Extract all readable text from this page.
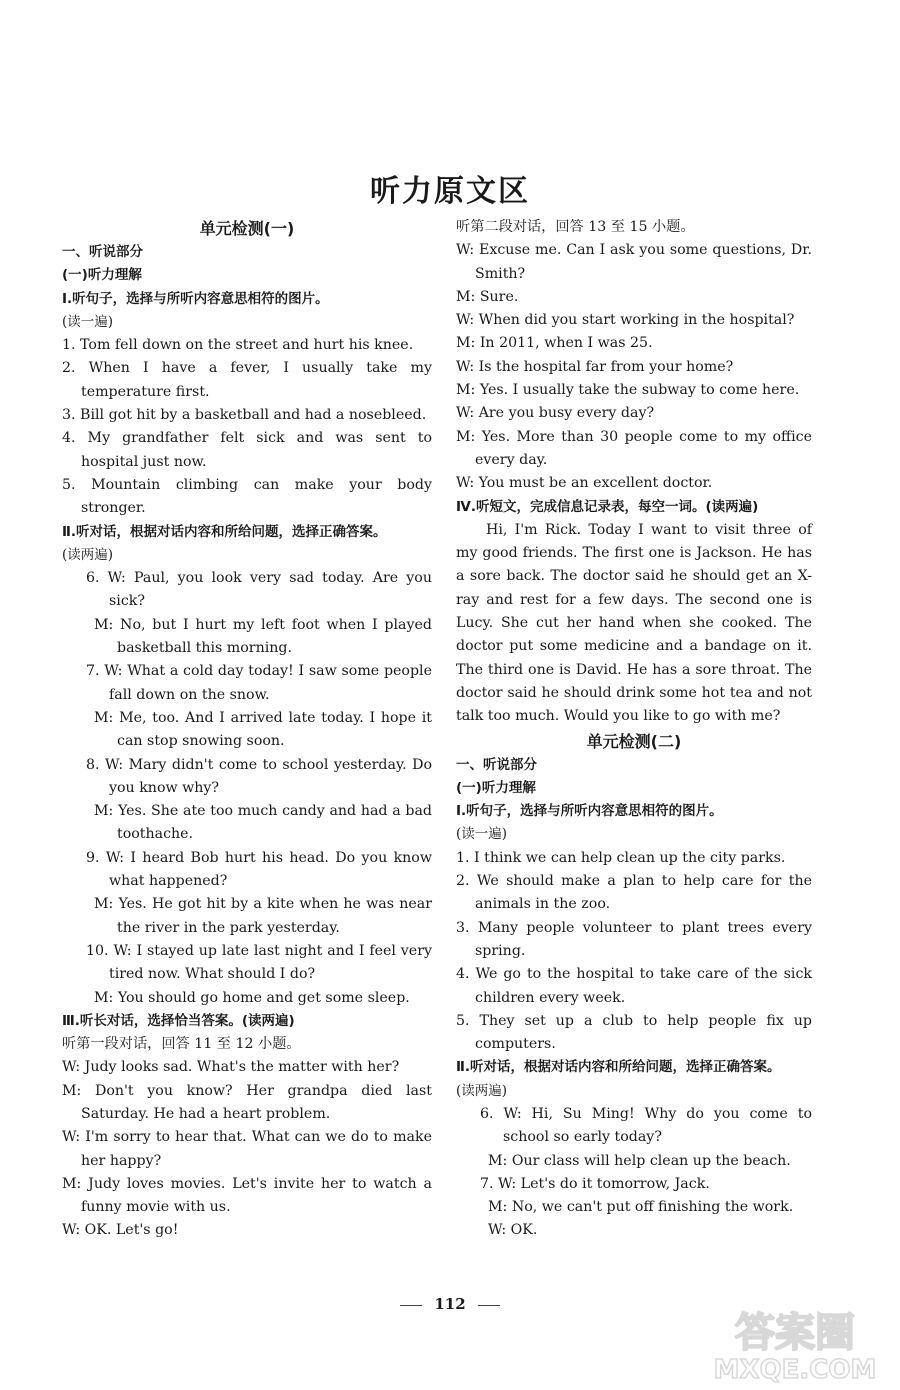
听力原文区

单元检测(一)

一、听说部分

(一)听力理解

Ⅰ.听句子，选择与所听内容意思相符的图片。

(读一遍)

1. Tom fell down on the street and hurt his knee.

2. When I have a fever, I usually take my temperature first.

3. Bill got hit by a basketball and had a nosebleed.

4. My grandfather felt sick and was sent to hospital just now.

5. Mountain climbing can make your body stronger.

Ⅱ.听对话，根据对话内容和所给问题，选择正确答案。

(读两遍)

6. W: Paul, you look very sad today. Are you sick?

M: No, but I hurt my left foot when I played basketball this morning.

7. W: What a cold day today! I saw some people fall down on the snow.

M: Me, too. And I arrived late today. I hope it can stop snowing soon.

8. W: Mary didn't come to school yesterday. Do you know why?

M: Yes. She ate too much candy and had a bad toothache.

9. W: I heard Bob hurt his head. Do you know what happened?

M: Yes. He got hit by a kite when he was near the river in the park yesterday.

10. W: I stayed up late last night and I feel very tired now. What should I do?

M: You should go home and get some sleep.

Ⅲ.听长对话，选择恰当答案。(读两遍)

听第一段对话，回答 11 至 12 小题。

W: Judy looks sad. What's the matter with her?

M: Don't you know? Her grandpa died last Saturday. He had a heart problem.

W: I'm sorry to hear that. What can we do to make her happy?

M: Judy loves movies. Let's invite her to watch a funny movie with us.

W: OK. Let's go!

听第二段对话，回答 13 至 15 小题。

W: Excuse me. Can I ask you some questions, Dr. Smith?

M: Sure.

W: When did you start working in the hospital?

M: In 2011, when I was 25.

W: Is the hospital far from your home?

M: Yes. I usually take the subway to come here.

W: Are you busy every day?

M: Yes. More than 30 people come to my office every day.

W: You must be an excellent doctor.

Ⅳ.听短文，完成信息记录表，每空一词。(读两遍)

Hi, I'm Rick. Today I want to visit three of my good friends. The first one is Jackson. He has a sore back. The doctor said he should get an X-ray and rest for a few days. The second one is Lucy. She cut her hand when she cooked. The doctor put some medicine and a bandage on it. The third one is David. He has a sore throat. The doctor said he should drink some hot tea and not talk too much. Would you like to go with me?

单元检测(二)

一、听说部分

(一)听力理解

Ⅰ.听句子，选择与所听内容意思相符的图片。

(读一遍)

1. I think we can help clean up the city parks.

2. We should make a plan to help care for the animals in the zoo.

3. Many people volunteer to plant trees every spring.

4. We go to the hospital to take care of the sick children every week.

5. They set up a club to help people fix up computers.

Ⅱ.听对话，根据对话内容和所给问题，选择正确答案。

(读两遍)

6. W: Hi, Su Ming! Why do you come to school so early today?

M: Our class will help clean up the beach.

7. W: Let's do it tomorrow, Jack.

M: No, we can't put off finishing the work.

W: OK.

112
答案圈
MXQE.COM
